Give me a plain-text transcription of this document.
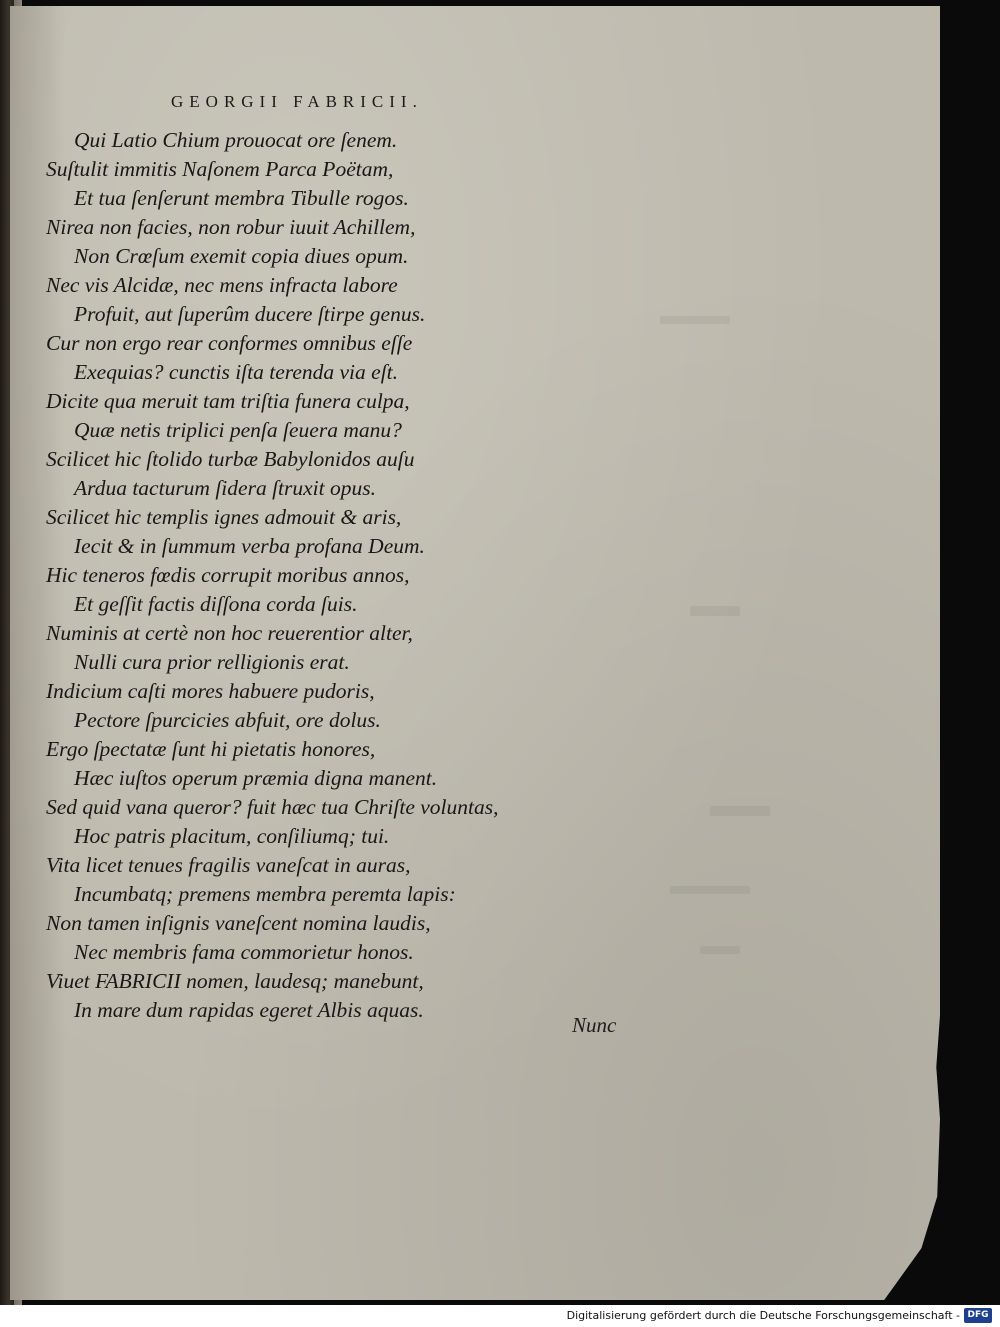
GEORGII FABRICII.
Qui Latio Chium prouocat ore ſenem.
Suſtulit immitis Naſonem Parca Poëtam,
Et tua ſenſerunt membra Tibulle rogos.
Nirea non facies, non robur iuuit Achillem,
Non Crœſum exemit copia diues opum.
Nec vis Alcidæ, nec mens infracta labore
Profuit, aut ſuperûm ducere ſtirpe genus.
Cur non ergo rear conformes omnibus eſſe
Exequias? cunctis iſta terenda via eſt.
Dicite qua meruit tam triſtia funera culpa,
Quæ netis triplici penſa ſeuera manu?
Scilicet hic ſtolido turbæ Babylonidos auſu
Ardua tacturum ſidera ſtruxit opus.
Scilicet hic templis ignes admouit & aris,
Iecit & in ſummum verba profana Deum.
Hic teneros fœdis corrupit moribus annos,
Et geſſit factis diſſona corda ſuis.
Numinis at certè non hoc reuerentior alter,
Nulli cura prior relligionis erat.
Indicium caſti mores habuere pudoris,
Pectore ſpurcicies abfuit, ore dolus.
Ergo ſpectatæ ſunt hi pietatis honores,
Hæc iuſtos operum præmia digna manent.
Sed quid vana queror? fuit hæc tua Chriſte voluntas,
Hoc patris placitum, conſiliumq; tui.
Vita licet tenues fragilis vaneſcat in auras,
Incumbatq; premens membra peremta lapis:
Non tamen inſignis vaneſcent nomina laudis,
Nec membris fama commorietur honos.
Viuet FABRICII nomen, laudesq; manebunt,
In mare dum rapidas egeret Albis aquas.
Nunc
Digitalisierung gefördert durch die Deutsche Forschungsgemeinschaft - DFG
